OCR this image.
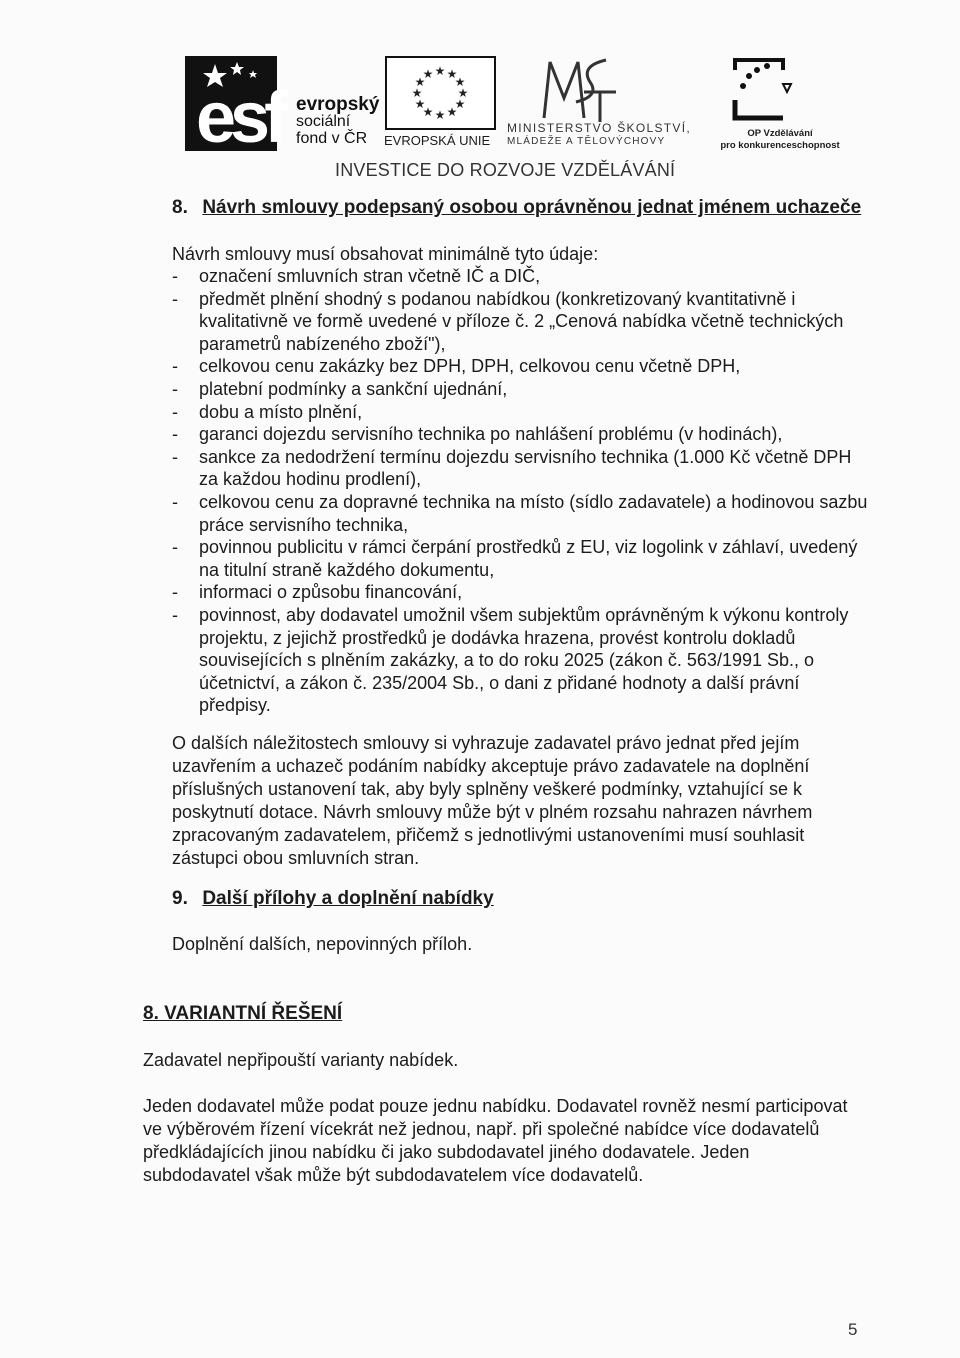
esf evropský
sociální
fond v ČR
★ ★
★
★
★
★
★
★
★
★
★
★
EVROPSKÁ UNIE
MINISTERSTVO ŠKOLSTVÍ,
MLÁDEŽE A TĚLOVÝCHOVY
OP Vzdělávání
pro konkurenceschopnost
INVESTICE DO ROZVOJE VZDĚLÁVÁNÍ
8. Návrh smlouvy podepsaný osobou oprávněnou jednat jménem uchazeče
Návrh smlouvy musí obsahovat minimálně tyto údaje:
- označení smluvních stran včetně IČ a DIČ,
- předmět plnění shodný s podanou nabídkou (konkretizovaný kvantitativně i kvalitativně ve formě uvedené v příloze č. 2 „Cenová nabídka včetně technických parametrů nabízeného zboží"),
- celkovou cenu zakázky bez DPH, DPH, celkovou cenu včetně DPH,
- platební podmínky a sankční ujednání,
- dobu a místo plnění,
- garanci dojezdu servisního technika po nahlášení problému (v hodinách),
- sankce za nedodržení termínu dojezdu servisního technika (1.000 Kč včetně DPH za každou hodinu prodlení),
- celkovou cenu za dopravné technika na místo (sídlo zadavatele) a hodinovou sazbu práce servisního technika,
- povinnou publicitu v rámci čerpání prostředků z EU, viz logolink v záhlaví, uvedený na titulní straně každého dokumentu,
- informaci o způsobu financování,
- povinnost, aby dodavatel umožnil všem subjektům oprávněným k výkonu kontroly projektu, z jejichž prostředků je dodávka hrazena, provést kontrolu dokladů souvisejících s plněním zakázky, a to do roku 2025 (zákon č. 563/1991 Sb., o účetnictví, a zákon č. 235/2004 Sb., o dani z přidané hodnoty a další právní předpisy.
O dalších náležitostech smlouvy si vyhrazuje zadavatel právo jednat před jejím uzavřením a uchazeč podáním nabídky akceptuje právo zadavatele na doplnění příslušných ustanovení tak, aby byly splněny veškeré podmínky, vztahující se k poskytnutí dotace. Návrh smlouvy může být v plném rozsahu nahrazen návrhem zpracovaným zadavatelem, přičemž s jednotlivými ustanoveními musí souhlasit zástupci obou smluvních stran.
9. Další přílohy a doplnění nabídky
Doplnění dalších, nepovinných příloh.
8. VARIANTNÍ ŘEŠENÍ
Zadavatel nepřipouští varianty nabídek.
Jeden dodavatel může podat pouze jednu nabídku. Dodavatel rovněž nesmí participovat ve výběrovém řízení vícekrát než jednou, např. při společné nabídce více dodavatelů předkládajících jinou nabídku či jako subdodavatel jiného dodavatele. Jeden subdodavatel však může být subdodavatelem více dodavatelů.
5
